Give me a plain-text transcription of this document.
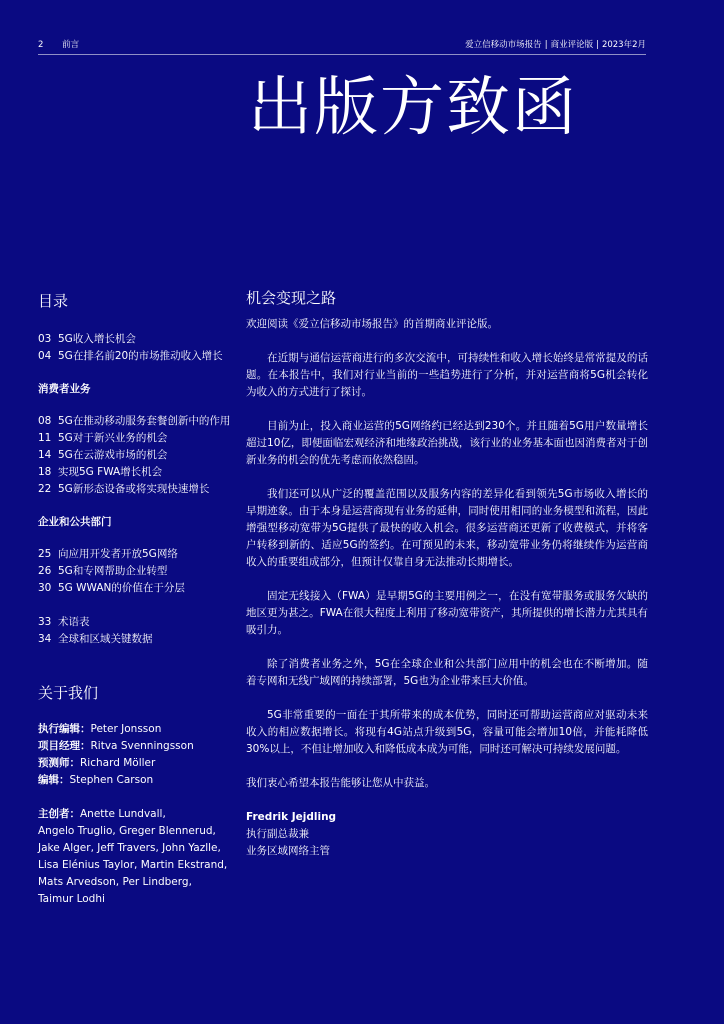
2 前言	爱立信移动市场报告 | 商业评论版 | 2023年2月
出版方致函
目录
03 5G收入增长机会
04 5G在排名前20的市场推动收入增长
消费者业务
08 5G在推动移动服务套餐创新中的作用
11 5G对于新兴业务的机会
14 5G在云游戏市场的机会
18 实现5G FWA增长机会
22 5G新形态设备或将实现快速增长
企业和公共部门
25 向应用开发者开放5G网络
26 5G和专网帮助企业转型
30 5G WWAN的价值在于分层
33 术语表
34 全球和区域关键数据
关于我们
执行编辑：Peter Jonsson
项目经理：Ritva Svenningsson
预测师：Richard Möller
编辑：Stephen Carson
主创者：Anette Lundvall,
Angelo Truglio, Greger Blennerud,
Jake Alger, Jeff Travers, John Yazlle,
Lisa Elénius Taylor, Martin Ekstrand,
Mats Arvedson, Per Lindberg,
Taimur Lodhi
机会变现之路

欢迎阅读《爱立信移动市场报告》的首期商业评论版。

在近期与通信运营商进行的多次交流中，可持续性和收入增长始终是常常提及的话题。在本报告中，我们对行业当前的一些趋势进行了分析，并对运营商将5G机会转化为收入的方式进行了探讨。

目前为止，投入商业运营的5G网络约已经达到230个。并且随着5G用户数量增长超过10亿，即便面临宏观经济和地缘政治挑战，该行业的业务基本面也因消费者对于创新业务的机会的优先考虑而依然稳固。

我们还可以从广泛的覆盖范围以及服务内容的差异化看到领先5G市场收入增长的早期迹象。由于本身是运营商现有业务的延伸，同时使用相同的业务模型和流程，因此增强型移动宽带为5G提供了最快的收入机会。很多运营商还更新了收费模式，并将客户转移到新的、适应5G的签约。在可预见的未来，移动宽带业务仍将继续作为运营商收入的重要组成部分，但预计仅靠自身无法推动长期增长。

固定无线接入（FWA）是早期5G的主要用例之一，在没有宽带服务或服务欠缺的地区更为甚之。FWA在很大程度上利用了移动宽带资产，其所提供的增长潜力尤其具有吸引力。

除了消费者业务之外，5G在全球企业和公共部门应用中的机会也在不断增加。随着专网和无线广域网的持续部署，5G也为企业带来巨大价值。

5G非常重要的一面在于其所带来的成本优势，同时还可帮助运营商应对驱动未来收入的相应数据增长。将现有4G站点升级到5G，容量可能会增加10倍，并能耗降低30%以上，不但让增加收入和降低成本成为可能，同时还可解决可持续发展问题。

我们衷心希望本报告能够让您从中获益。

Fredrik Jejdling
执行副总裁兼
业务区域网络主管
